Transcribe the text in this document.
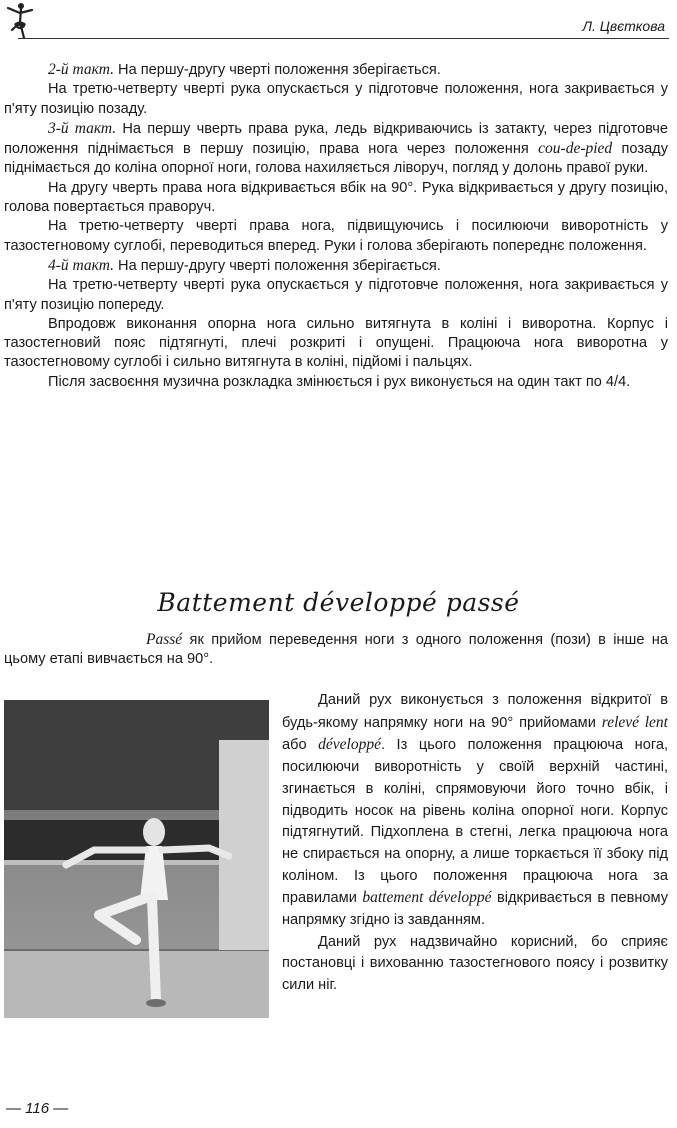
Л. Цвєткова

2-й такт. На першу-другу чверті положення зберігається.

На третю-четверту чверті рука опускається у підготовче положення, нога закривається у п'яту позицію позаду.

3-й такт. На першу чверть права рука, ледь відкриваючись із затакту, через підготовче положення піднімається в першу позицію, права нога через положення cou-de-pied позаду піднімається до коліна опорної ноги, голова нахиляється ліворуч, погляд у долонь правої руки.

На другу чверть права нога відкривається вбік на 90°. Рука відкривається у другу позицію, голова повертається праворуч.

На третю-четверту чверті права нога, підвищуючись і посилюючи виворотність у тазостегновому суглобі, переводиться вперед. Руки і голова зберігають попереднє положення.

4-й такт. На першу-другу чверті положення зберігається.

На третю-четверту чверті рука опускається у підготовче положення, нога закривається у п'яту позицію попереду.

Впродовж виконання опорна нога сильно витягнута в коліні і виворотна. Корпус і тазостегновий пояс підтягнуті, плечі розкриті і опущені. Працююча нога виворотна у тазостегновому суглобі і сильно витягнута в коліні, підйомі і пальцях.

Після засвоєння музична розкладка змінюється і рух виконується на один такт по 4/4.

Battement développé passé

Passé як прийом переведення ноги з одного положення (пози) в інше на цьому етапі вивчається на 90°.

Даний рух виконується з положення відкритої в будь-якому напрямку ноги на 90° прийомами relevé lent або développé. Із цього положення працююча нога, посилюючи виворотність у своїй верхній частині, згинається в коліні, спрямовуючи його точно вбік, і підводить носок на рівень коліна опорної ноги. Корпус підтягнутий. Підхоплена в стегні, легка працююча нога не спирається на опорну, а лише торкається її збоку під коліном. Із цього положення працююча нога за правилами battement développé відкривається в певному напрямку згідно із завданням.

Даний рух надзвичайно корисний, бо сприяє постановці і вихованню тазостегнового поясу і розвитку сили ніг.

— 116 —
